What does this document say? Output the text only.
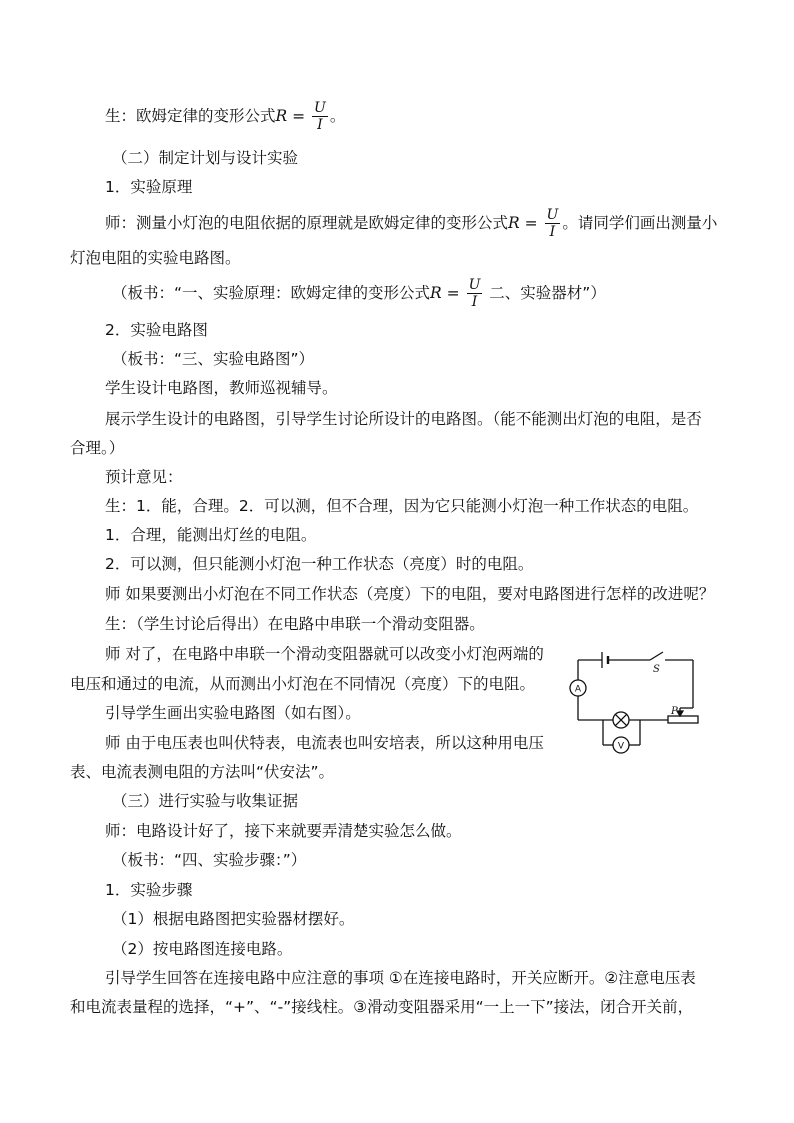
生：欧姆定律的变形公式$R = \frac{U}{I}$ 。
（二）制定计划与设计实验
1．实验原理
师：测量小灯泡的电阻依据的原理就是欧姆定律的变形公式$R = \frac{U}{I}$ 。请同学们画出测量小
灯泡电阻的实验电路图。
（板书：“一、实验原理：欧姆定律的变形公式$R = \frac{U}{I}$ 二、实验器材”）
2．实验电路图
（板书：“三、实验电路图”）
学生设计电路图，教师巡视辅导。
展示学生设计的电路图，引导学生讨论所设计的电路图。（能不能测出灯泡的电阻，是否
合理。）
预计意见：
生：1．能，合理。2．可以测，但不合理，因为它只能测小灯泡一种工作状态的电阻。
1．合理，能测出灯丝的电阻。
2．可以测，但只能测小灯泡一种工作状态（亮度）时的电阻。
师 如果要测出小灯泡在不同工作状态（亮度）下的电阻，要对电路图进行怎样的改进呢？
生：（学生讨论后得出）在电路中串联一个滑动变阻器。
师 对了，在电路中串联一个滑动变阻器就可以改变小灯泡两端的
电压和通过的电流，从而测出小灯泡在不同情况（亮度）下的电阻。
引导学生画出实验电路图（如右图）。
师 由于电压表也叫伏特表，电流表也叫安培表，所以这种用电压
表、电流表测电阻的方法叫“伏安法”。
（三）进行实验与收集证据
师：电路设计好了，接下来就要弄清楚实验怎么做。
（板书：“四、实验步骤：”）
1．实验步骤
（1）根据电路图把实验器材摆好。
（2）按电路图连接电路。
引导学生回答在连接电路中应注意的事项 ①在连接电路时，开关应断开。②注意电压表
和电流表量程的选择，“+”、“-”接线柱。③滑动变阻器采用“一上一下”接法，闭合开关前，
A
V
S
P
